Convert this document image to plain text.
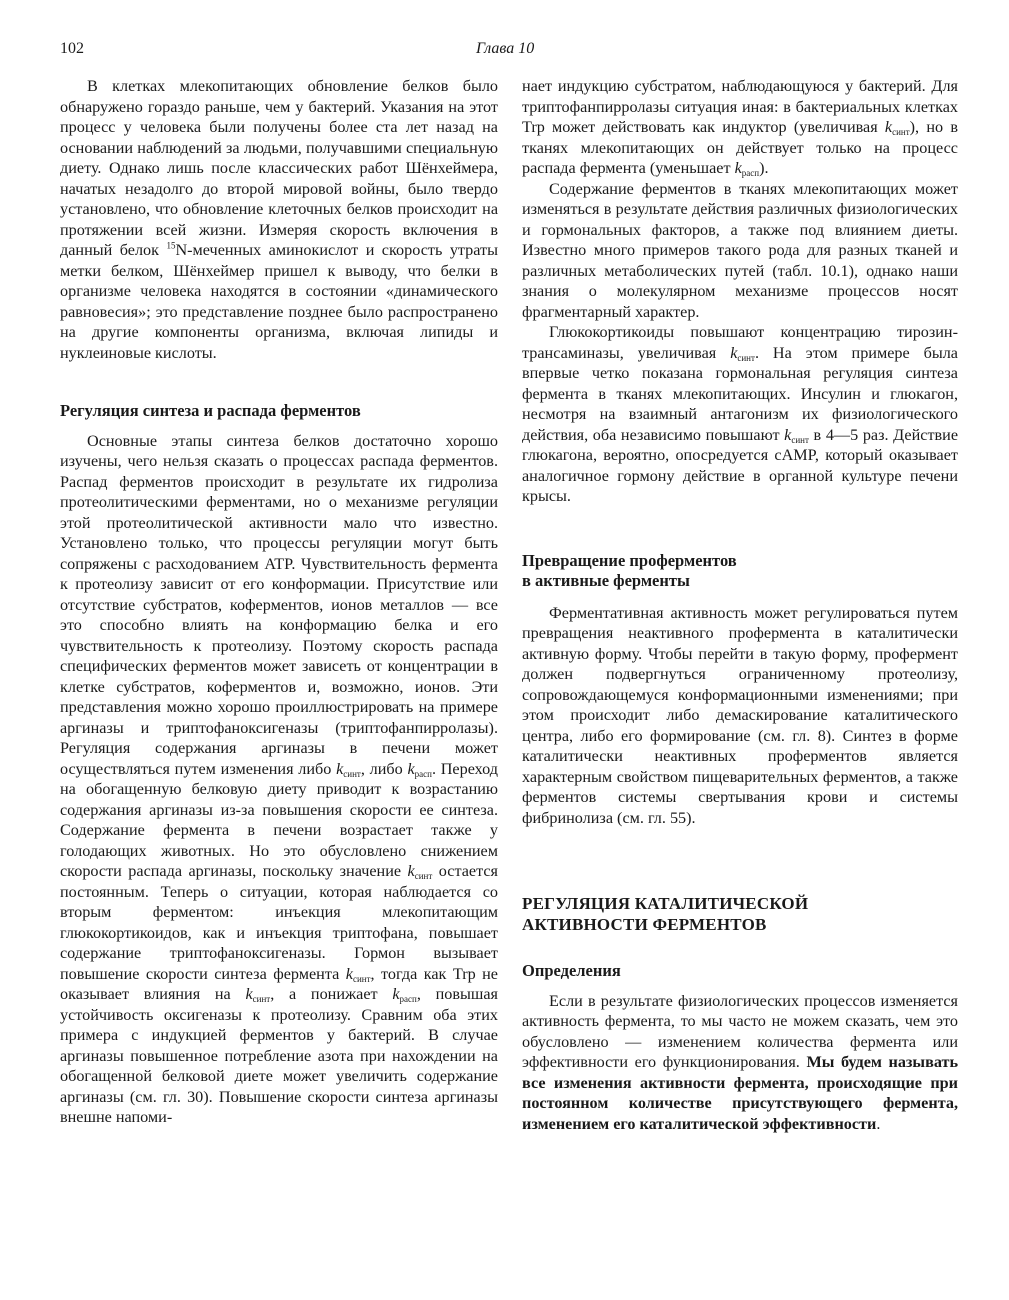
102	Глава 10

В клетках млекопитающих обновление белков было обнаружено гораздо раньше, чем у бактерий. Указания на этот процесс у человека были получены более ста лет назад на основании наблюдений за людьми, получавшими специальную диету. Однако лишь после классических работ Шёнхеймера, начатых незадолго до второй мировой войны, было твердо установлено, что обновление клеточных белков происходит на протяжении всей жизни. Измеряя скорость включения в данный белок $^{15}$N-меченных аминокислот и скорость утраты метки белком, Шёнхеймер пришел к выводу, что белки в организме человека находятся в состоянии «динамического равновесия»; это представление позднее было распространено на другие компоненты организма, включая липиды и нуклеиновые кислоты.

Регуляция синтеза и распада ферментов

Основные этапы синтеза белков достаточно хорошо изучены, чего нельзя сказать о процессах распада ферментов. Распад ферментов происходит в результате их гидролиза протеолитическими ферментами, но о механизме регуляции этой протеолитической активности мало что известно. Установлено только, что процессы регуляции могут быть сопряжены с расходованием ATP. Чувствительность фермента к протеолизу зависит от его конформации. Присутствие или отсутствие субстратов, коферментов, ионов металлов — все это способно влиять на конформацию белка и его чувствительность к протеолизу. Поэтому скорость распада специфических ферментов может зависеть от концентрации в клетке субстратов, коферментов и, возможно, ионов. Эти представления можно хорошо проиллюстрировать на примере аргиназы и триптофаноксигеназы (триптофанпирролазы). Регуляция содержания аргиназы в печени может осуществляться путем изменения либо $k_{синт}$, либо $k_{расп}$. Переход на обогащенную белковую диету приводит к возрастанию содержания аргиназы из-за повышения скорости ее синтеза. Содержание фермента в печени возрастает также у голодающих животных. Но это обусловлено снижением скорости распада аргиназы, поскольку значение $k_{синт}$ остается постоянным. Теперь о ситуации, которая наблюдается со вторым ферментом: инъекция млекопитающим глюкокортикоидов, как и инъекция триптофана, повышает содержание триптофаноксигеназы. Гормон вызывает повышение скорости синтеза фермента $k_{синт}$, тогда как Trp не оказывает влияния на $k_{синт}$, а понижает $k_{расп}$, повышая устойчивость оксигеназы к протеолизу. Сравним оба этих примера с индукцией ферментов у бактерий. В случае аргиназы повышенное потребление азота при нахождении на обогащенной белковой диете может увеличить содержание аргиназы (см. гл. 30). Повышение скорости синтеза аргиназы внешне напоми-

нает индукцию субстратом, наблюдающуюся у бактерий. Для триптофанпирролазы ситуация иная: в бактериальных клетках Trp может действовать как индуктор (увеличивая $k_{синт}$), но в тканях млекопитающих он действует только на процесс распада фермента (уменьшает $k_{расп}$).

Содержание ферментов в тканях млекопитающих может изменяться в результате действия различных физиологических и гормональных факторов, а также под влиянием диеты. Известно много примеров такого рода для разных тканей и различных метаболических путей (табл. 10.1), однако наши знания о молекулярном механизме процессов носят фрагментарный характер.

Глюкокортикоиды повышают концентрацию тирозин-трансаминазы, увеличивая $k_{синт}$. На этом примере была впервые четко показана гормональная регуляция синтеза фермента в тканях млекопитающих. Инсулин и глюкагон, несмотря на взаимный антагонизм их физиологического действия, оба независимо повышают $k_{синт}$ в 4—5 раз. Действие глюкагона, вероятно, опосредуется cAMP, который оказывает аналогичное гормону действие в органной культуре печени крысы.

Превращение проферментов
в активные ферменты

Ферментативная активность может регулироваться путем превращения неактивного профермента в каталитически активную форму. Чтобы перейти в такую форму, профермент должен подвергнуться ограниченному протеолизу, сопровождающемуся конформационными изменениями; при этом происходит либо демаскирование каталитического центра, либо его формирование (см. гл. 8). Синтез в форме каталитически неактивных проферментов является характерным свойством пищеварительных ферментов, а также ферментов системы свертывания крови и системы фибринолиза (см. гл. 55).

РЕГУЛЯЦИЯ КАТАЛИТИЧЕСКОЙ
АКТИВНОСТИ ФЕРМЕНТОВ
Определения

Если в результате физиологических процессов изменяется активность фермента, то мы часто не можем сказать, чем это обусловлено — изменением количества фермента или эффективности его функционирования. Мы будем называть все изменения активности фермента, происходящие при постоянном количестве присутствующего фермента, изменением его каталитической эффективности.
